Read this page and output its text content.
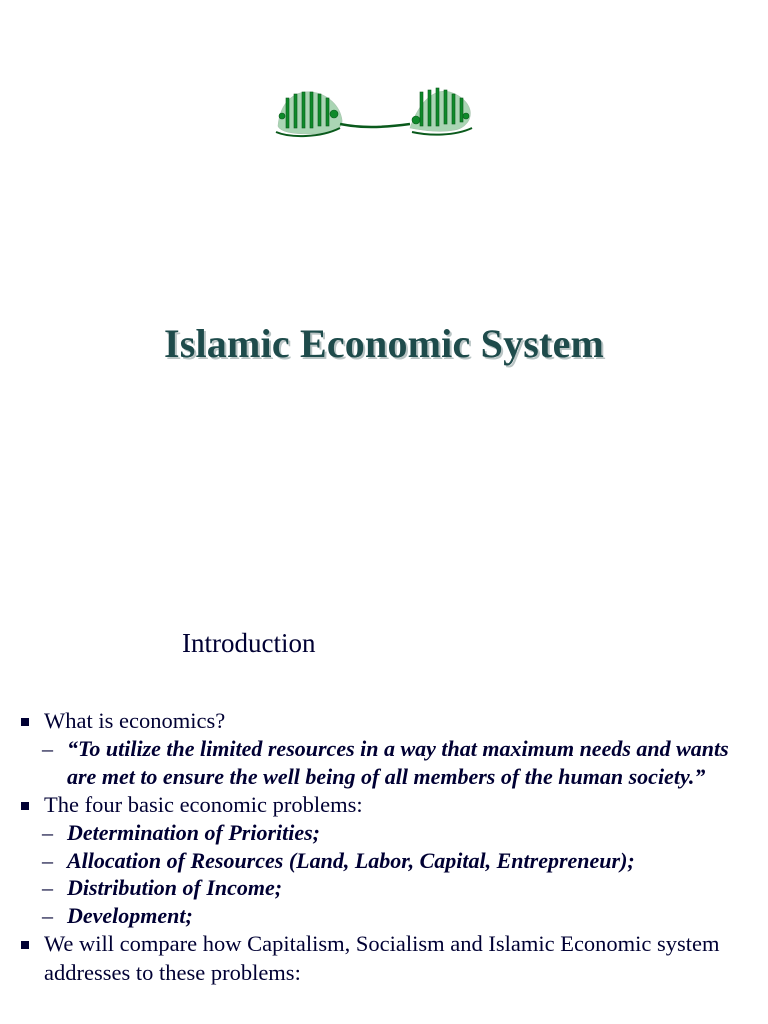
Islamic Economic System
Introduction
What is economics?
– “To utilize the limited resources in a way that maximum needs and wants are met to ensure the well being of all members of the human society.”
The four basic economic problems:
– Determination of Priorities;
– Allocation of Resources (Land, Labor, Capital, Entrepreneur);
– Distribution of Income;
– Development;
We will compare how Capitalism, Socialism and Islamic Economic system addresses to these problems:
